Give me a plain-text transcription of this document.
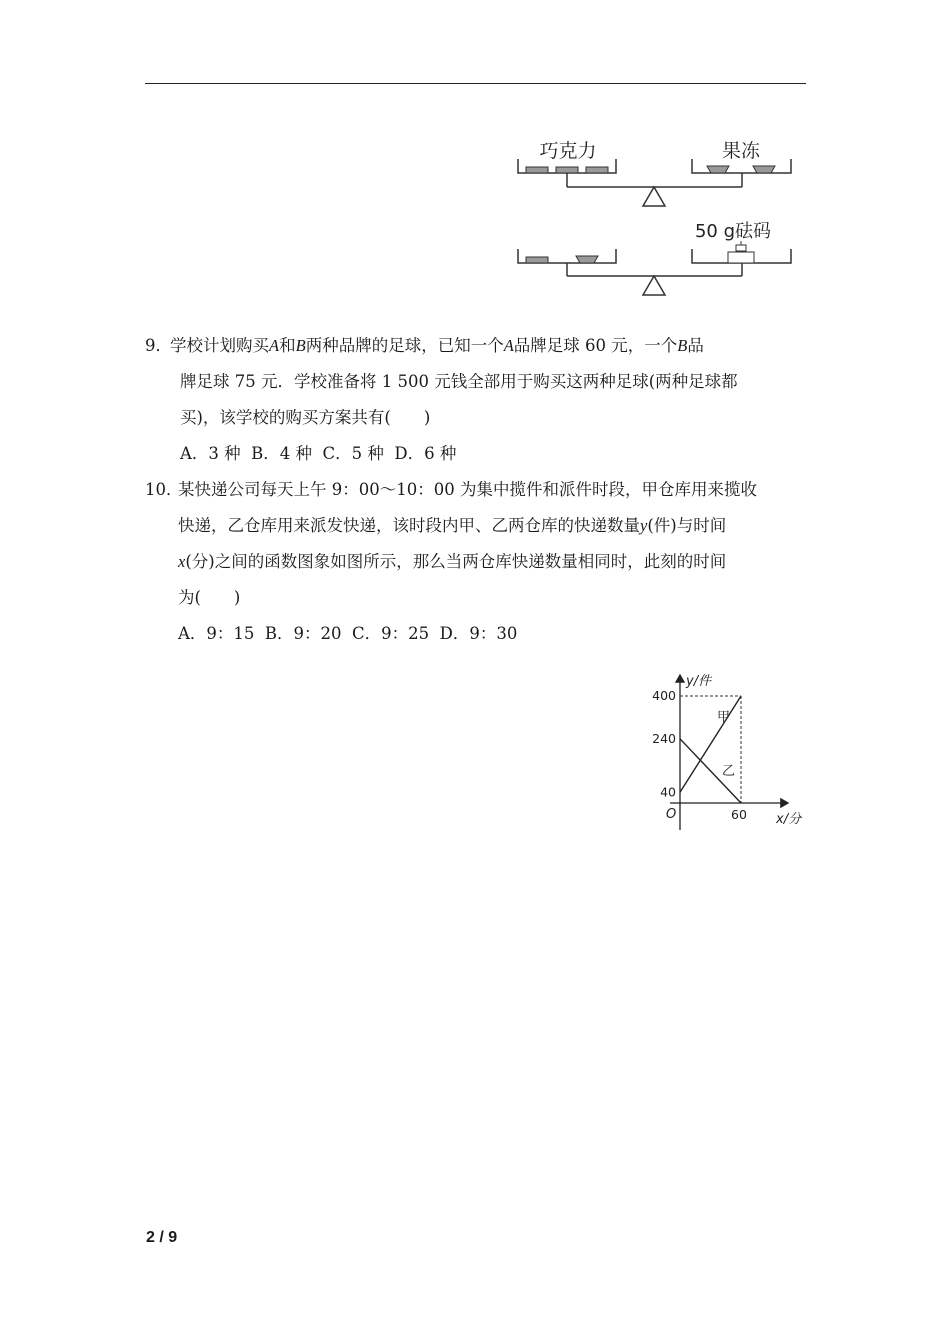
巧克力	果冻
50 g砝码
9．
学校计划购买A和B两种品牌的足球，已知一个A品牌足球 60 元，一个B品
牌足球 75 元．学校准备将 1 500 元钱全部用于购买这两种足球(两种足球都
买)，该学校的购买方案共有(　　)
A．3 种  B．4 种  C．5 种  D．6 种
10．
某快递公司每天上午 9：00～10：00 为集中揽件和派件时段，甲仓库用来揽收
快递，乙仓库用来派发快递，该时段内甲、乙两仓库的快递数量y(件)与时间
x(分)之间的函数图象如图所示，那么当两仓库快递数量相同时，此刻的时间
为(　　)
A．9：15  B．9：20  C．9：25  D．9：30
甲
乙
40
240
400
60
y/件
x/分
O
2 / 9
